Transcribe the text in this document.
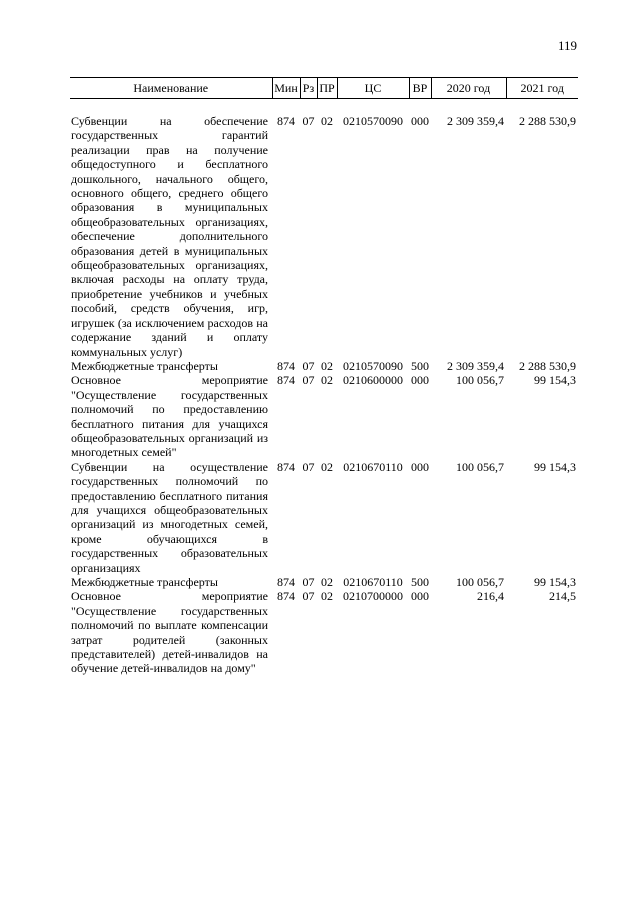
119
Наименование	Мин	Рз	ПР	ЦС	ВР	2020 год	2021 год
Субвенции на обеспечение государственных гарантий реализации прав на получение общедоступного и бесплатного дошкольного, начального общего, основного общего, среднего общего образования в муниципальных общеобразовательных организациях, обеспечение дополнительного образования детей в муниципальных общеобразовательных организациях, включая расходы на оплату труда, приобретение учебников и учебных пособий, средств обучения, игр, игрушек (за исключением расходов на содержание зданий и оплату коммунальных услуг)	874	07	02	0210570090	000	2 309 359,4	2 288 530,9
Межбюджетные трансферты	874	07	02	0210570090	500	2 309 359,4	2 288 530,9
Основное мероприятие "Осуществление государственных полномочий по предоставлению бесплатного питания для учащихся общеобразовательных организаций из многодетных семей"	874	07	02	0210600000	000	100 056,7	99 154,3
Субвенции на осуществление государственных полномочий по предоставлению бесплатного питания для учащихся общеобразовательных организаций из многодетных семей, кроме обучающихся в государственных образовательных организациях	874	07	02	0210670110	000	100 056,7	99 154,3
Межбюджетные трансферты	874	07	02	0210670110	500	100 056,7	99 154,3
Основное мероприятие "Осуществление государственных полномочий по выплате компенсации затрат родителей (законных представителей) детей-инвалидов на обучение детей-инвалидов на дому"	874	07	02	0210700000	000	216,4	214,5
